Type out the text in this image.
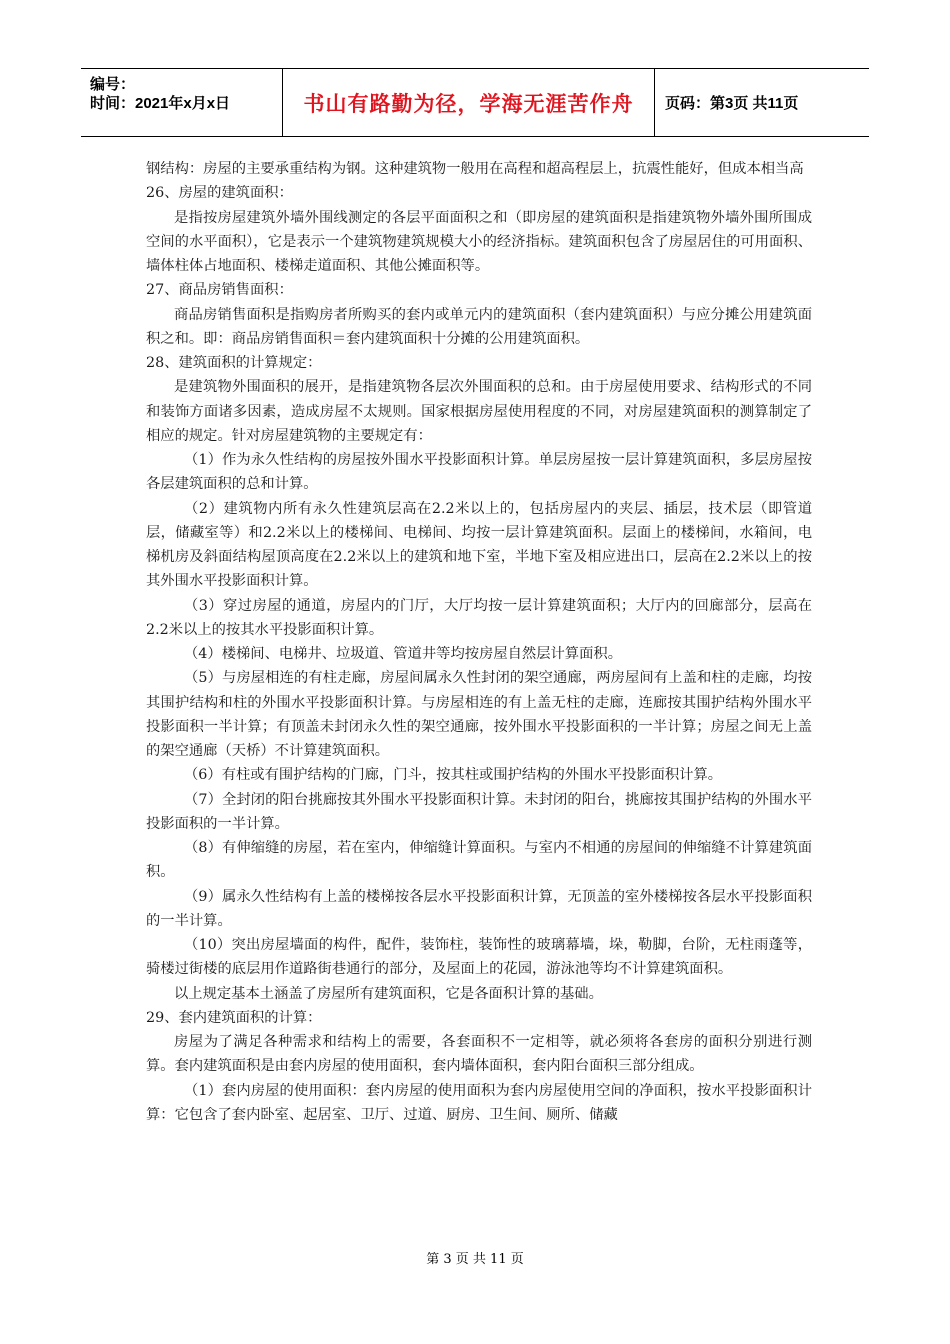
编号：
时间：2021年x月x日	书山有路勤为径，学海无涯苦作舟 页码：第3页 共11页

钢结构：房屋的主要承重结构为钢。这种建筑物一般用在高程和超高程层上，抗震性能好，但成本相当高

26、房屋的建筑面积：

是指按房屋建筑外墙外围线测定的各层平面面积之和（即房屋的建筑面积是指建筑物外墙外围所围成空间的水平面积），它是表示一个建筑物建筑规模大小的经济指标。建筑面积包含了房屋居住的可用面积、墙体柱体占地面积、楼梯走道面积、其他公摊面积等。

27、商品房销售面积：

商品房销售面积是指购房者所购买的套内或单元内的建筑面积（套内建筑面积）与应分摊公用建筑面积之和。即：商品房销售面积＝套内建筑面积十分摊的公用建筑面积。

28、建筑面积的计算规定：

是建筑物外围面积的展开，是指建筑物各层次外围面积的总和。由于房屋使用要求、结构形式的不同和装饰方面诸多因素，造成房屋不太规则。国家根据房屋使用程度的不同，对房屋建筑面积的测算制定了相应的规定。针对房屋建筑物的主要规定有：

（1）作为永久性结构的房屋按外围水平投影面积计算。单层房屋按一层计算建筑面积，多层房屋按各层建筑面积的总和计算。

（2）建筑物内所有永久性建筑层高在2.2米以上的，包括房屋内的夹层、插层，技术层（即管道层，储藏室等）和2.2米以上的楼梯间、电梯间、均按一层计算建筑面积。层面上的楼梯间，水箱间，电梯机房及斜面结构屋顶高度在2.2米以上的建筑和地下室，半地下室及相应进出口，层高在2.2米以上的按其外围水平投影面积计算。

（3）穿过房屋的通道，房屋内的门厅，大厅均按一层计算建筑面积；大厅内的回廊部分，层高在2.2米以上的按其水平投影面积计算。

（4）楼梯间、电梯井、垃圾道、管道井等均按房屋自然层计算面积。

（5）与房屋相连的有柱走廊，房屋间属永久性封闭的架空通廊，两房屋间有上盖和柱的走廊，均按其围护结构和柱的外围水平投影面积计算。与房屋相连的有上盖无柱的走廊，连廊按其围护结构外围水平投影面积一半计算；有顶盖未封闭永久性的架空通廊，按外围水平投影面积的一半计算；房屋之间无上盖的架空通廊（天桥）不计算建筑面积。

（6）有柱或有围护结构的门廊，门斗，按其柱或围护结构的外围水平投影面积计算。

（7）全封闭的阳台挑廊按其外围水平投影面积计算。未封闭的阳台，挑廊按其围护结构的外围水平投影面积的一半计算。

（8）有伸缩缝的房屋，若在室内，伸缩缝计算面积。与室内不相通的房屋间的伸缩缝不计算建筑面积。

（9）属永久性结构有上盖的楼梯按各层水平投影面积计算，无顶盖的室外楼梯按各层水平投影面积的一半计算。

（10）突出房屋墙面的构件，配件，装饰柱，装饰性的玻璃幕墙，垛，勒脚，台阶，无柱雨蓬等，骑楼过街楼的底层用作道路街巷通行的部分，及屋面上的花园，游泳池等均不计算建筑面积。

以上规定基本土涵盖了房屋所有建筑面积，它是各面积计算的基础。

29、套内建筑面积的计算：

房屋为了满足各种需求和结构上的需要，各套面积不一定相等，就必须将各套房的面积分别进行测算。套内建筑面积是由套内房屋的使用面积，套内墙体面积，套内阳台面积三部分组成。

（1）套内房屋的使用面积：套内房屋的使用面积为套内房屋使用空间的净面积，按水平投影面积计算：它包含了套内卧室、起居室、卫厅、过道、厨房、卫生间、厕所、储藏

第 3 页 共 11 页
